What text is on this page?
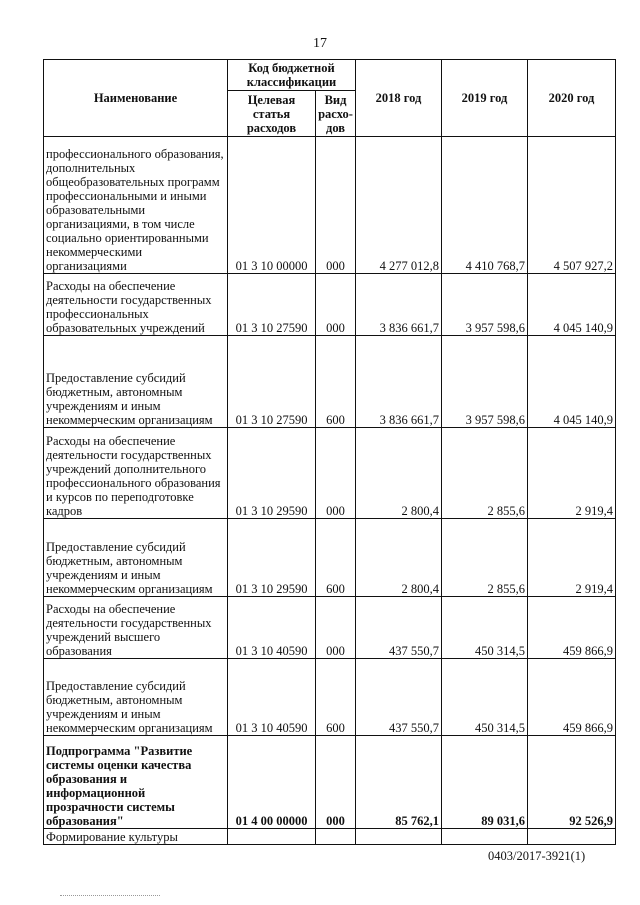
17
Наименование	Код бюджетной классификации		2018 год	2019 год	2020 год
	Целевая статья расходов	Вид расхо-дов			
профессионального образования, дополнительных общеобразовательных программ профессиональными и иными образовательными организациями, в том числе социально ориентированными некоммерческими организациями	01 3 10 00000	000	4 277 012,8	4 410 768,7	4 507 927,2
Расходы на обеспечение деятельности государственных профессиональных образовательных учреждений	01 3 10 27590	000	3 836 661,7	3 957 598,6	4 045 140,9
Предоставление субсидий бюджетным, автономным учреждениям и иным некоммерческим организациям	01 3 10 27590	600	3 836 661,7	3 957 598,6	4 045 140,9
Расходы на обеспечение деятельности государственных учреждений дополнительного профессионального образования и курсов по переподготовке кадров	01 3 10 29590	000	2 800,4	2 855,6	2 919,4
Предоставление субсидий бюджетным, автономным учреждениям и иным некоммерческим организациям	01 3 10 29590	600	2 800,4	2 855,6	2 919,4
Расходы на обеспечение деятельности государственных учреждений высшего образования	01 3 10 40590	000	437 550,7	450 314,5	459 866,9
Предоставление субсидий бюджетным, автономным учреждениям и иным некоммерческим организациям	01 3 10 40590	600	437 550,7	450 314,5	459 866,9
Подпрограмма "Развитие системы оценки качества образования и информационной прозрачности системы образования"	01 4 00 00000	000	85 762,1	89 031,6	92 526,9
Формирование культуры					
0403/2017-3921(1)
